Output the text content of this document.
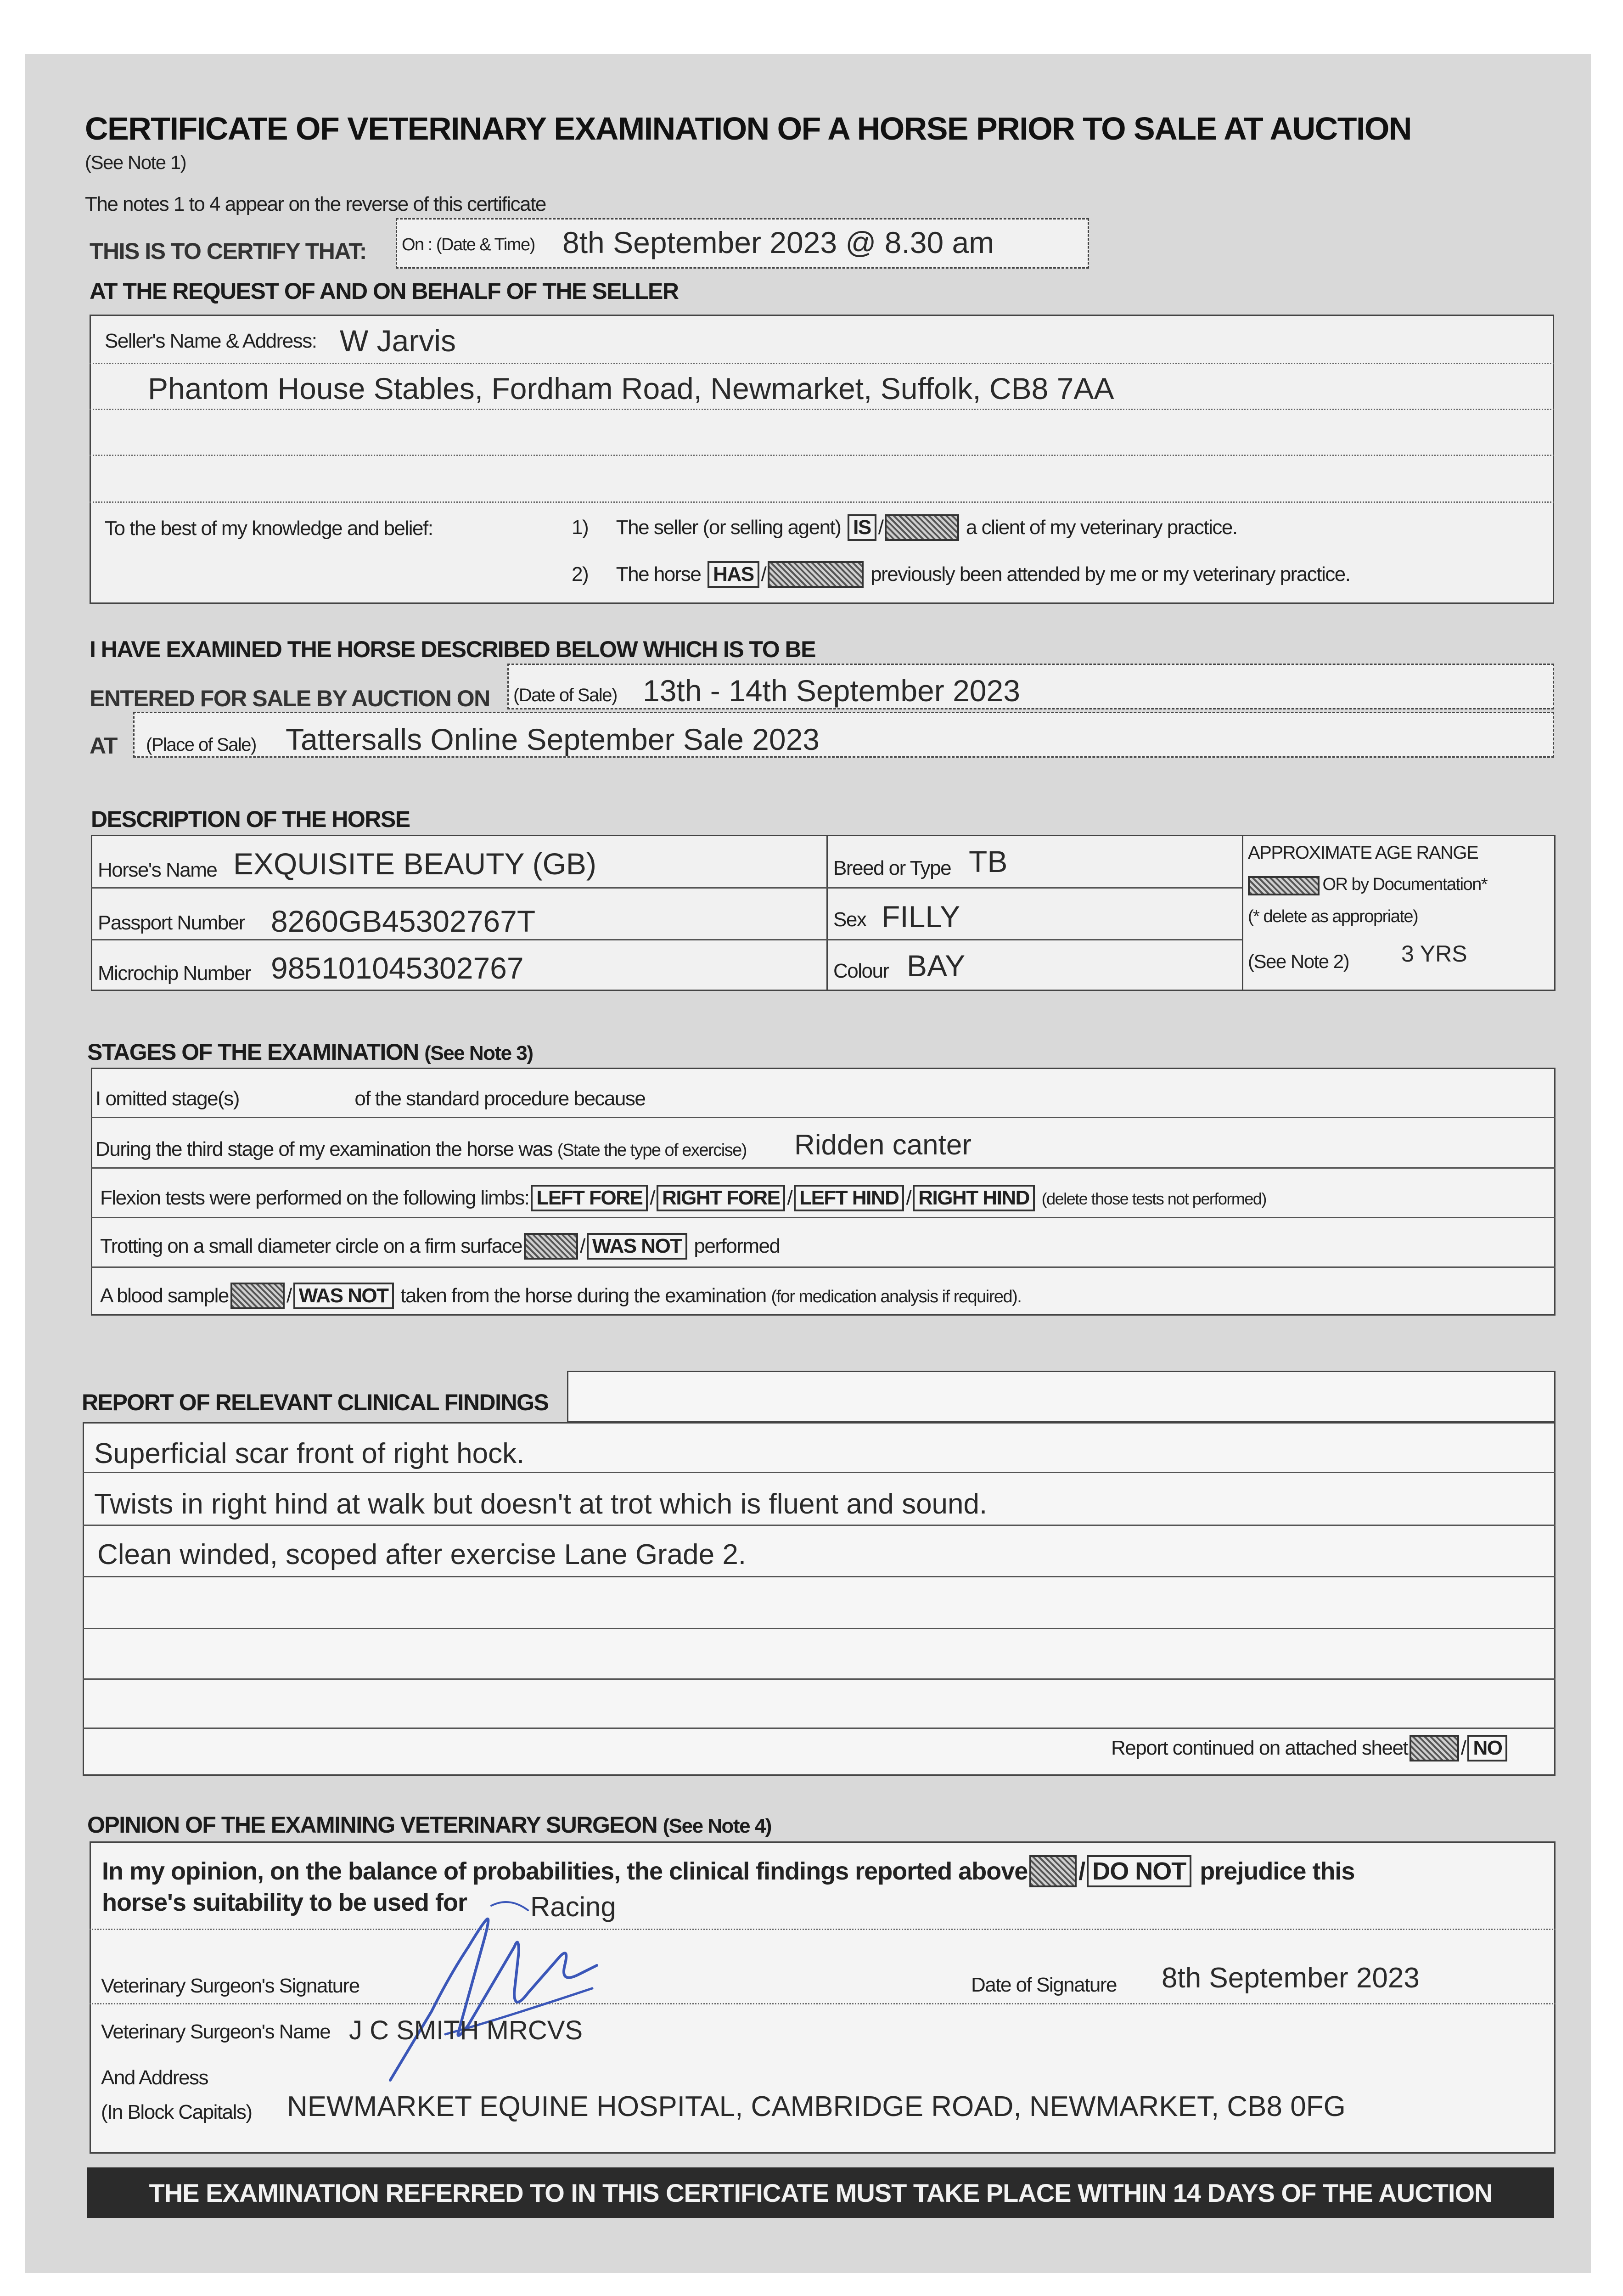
CERTIFICATE OF VETERINARY EXAMINATION OF A HORSE PRIOR TO SALE AT AUCTION
(See Note 1)
The notes 1 to 4 appear on the reverse of this certificate
THIS IS TO CERTIFY THAT: On : (Date & Time) 8th September 2023 @ 8.30 am
AT THE REQUEST OF AND ON BEHALF OF THE SELLER
Seller's Name & Address: W Jarvis
Phantom House Stables, Fordham Road, Newmarket, Suffolk, CB8 7AA
To the best of my knowledge and belief:	1) The seller (or selling agent) IS /	a client of my veterinary practice.
2) The horse HAS /	previously been attended by me or my veterinary practice.
I HAVE EXAMINED THE HORSE DESCRIBED BELOW WHICH IS TO BE
ENTERED FOR SALE BY AUCTION ON (Date of Sale) 13th - 14th September 2023
AT (Place of Sale) Tattersalls Online September Sale 2023
DESCRIPTION OF THE HORSE
Horse's Name EXQUISITE BEAUTY (GB)
Passport Number 8260GB45302767T
Microchip Number 985101045302767
Breed or Type TB
Sex FILLY
Colour BAY
APPROXIMATE AGE RANGE
OR by Documentation*
(* delete as appropriate)
(See Note 2) 3 YRS
STAGES OF THE EXAMINATION (See Note 3)
I omitted stage(s)	of the standard procedure because
During the third stage of my examination the horse was (State the type of exercise) Ridden canter
Flexion tests were performed on the following limbs: LEFT FORE / RIGHT FORE / LEFT HIND / RIGHT HIND (delete those tests not performed)
Trotting on a small diameter circle on a firm surface	/ WAS NOT performed
A blood sample	/ WAS NOT taken from the horse during the examination (for medication analysis if required).
REPORT OF RELEVANT CLINICAL FINDINGS
Superficial scar front of right hock.
Twists in right hind at walk but doesn't at trot which is fluent and sound.
Clean winded, scoped after exercise Lane Grade 2.
Report continued on attached sheet	/ NO
OPINION OF THE EXAMINING VETERINARY SURGEON (See Note 4)
In my opinion, on the balance of probabilities, the clinical findings reported above / DO NOT prejudice this
horse's suitability to be used for Racing
Veterinary Surgeon's Signature	Date of Signature 8th September 2023
Veterinary Surgeon's Name J C SMITH MRCVS
And Address
(In Block Capitals) NEWMARKET EQUINE HOSPITAL, CAMBRIDGE ROAD, NEWMARKET, CB8 0FG
THE EXAMINATION REFERRED TO IN THIS CERTIFICATE MUST TAKE PLACE WITHIN 14 DAYS OF THE AUCTION
